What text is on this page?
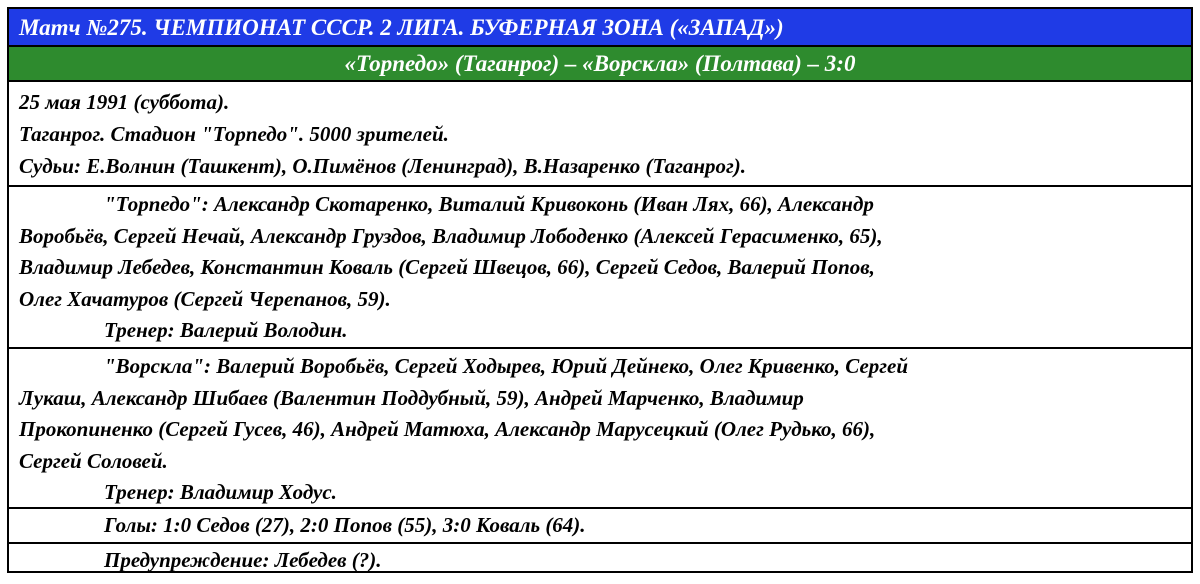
Матч №275. ЧЕМПИОНАТ СССР. 2 ЛИГА. БУФЕРНАЯ ЗОНА («ЗАПАД»)
«Торпедо» (Таганрог) – «Ворскла» (Полтава) – 3:0
25 мая 1991 (суббота).
Таганрог. Стадион "Торпедо". 5000 зрителей.
Судьи: Е.Волнин (Ташкент), О.Пимёнов (Ленинград), В.Назаренко (Таганрог).
"Торпедо": Александр Скотаренко, Виталий Кривоконь (Иван Лях, 66), Александр
Воробьёв, Сергей Нечай, Александр Груздов, Владимир Лободенко (Алексей Герасименко, 65),
Владимир Лебедев, Константин Коваль (Сергей Швецов, 66), Сергей Седов, Валерий Попов,
Олег Хачатуров (Сергей Черепанов, 59).
Тренер: Валерий Володин.
"Ворскла": Валерий Воробьёв, Сергей Ходырев, Юрий Дейнеко, Олег Кривенко, Сергей
Лукаш, Александр Шибаев (Валентин Поддубный, 59), Андрей Марченко, Владимир
Прокопиненко (Сергей Гусев, 46), Андрей Матюха, Александр Марусецкий (Олег Рудько, 66),
Сергей Соловей.
Тренер: Владимир Ходус.
Голы: 1:0 Седов (27), 2:0 Попов (55), 3:0 Коваль (64).
Предупреждение: Лебедев (?).
